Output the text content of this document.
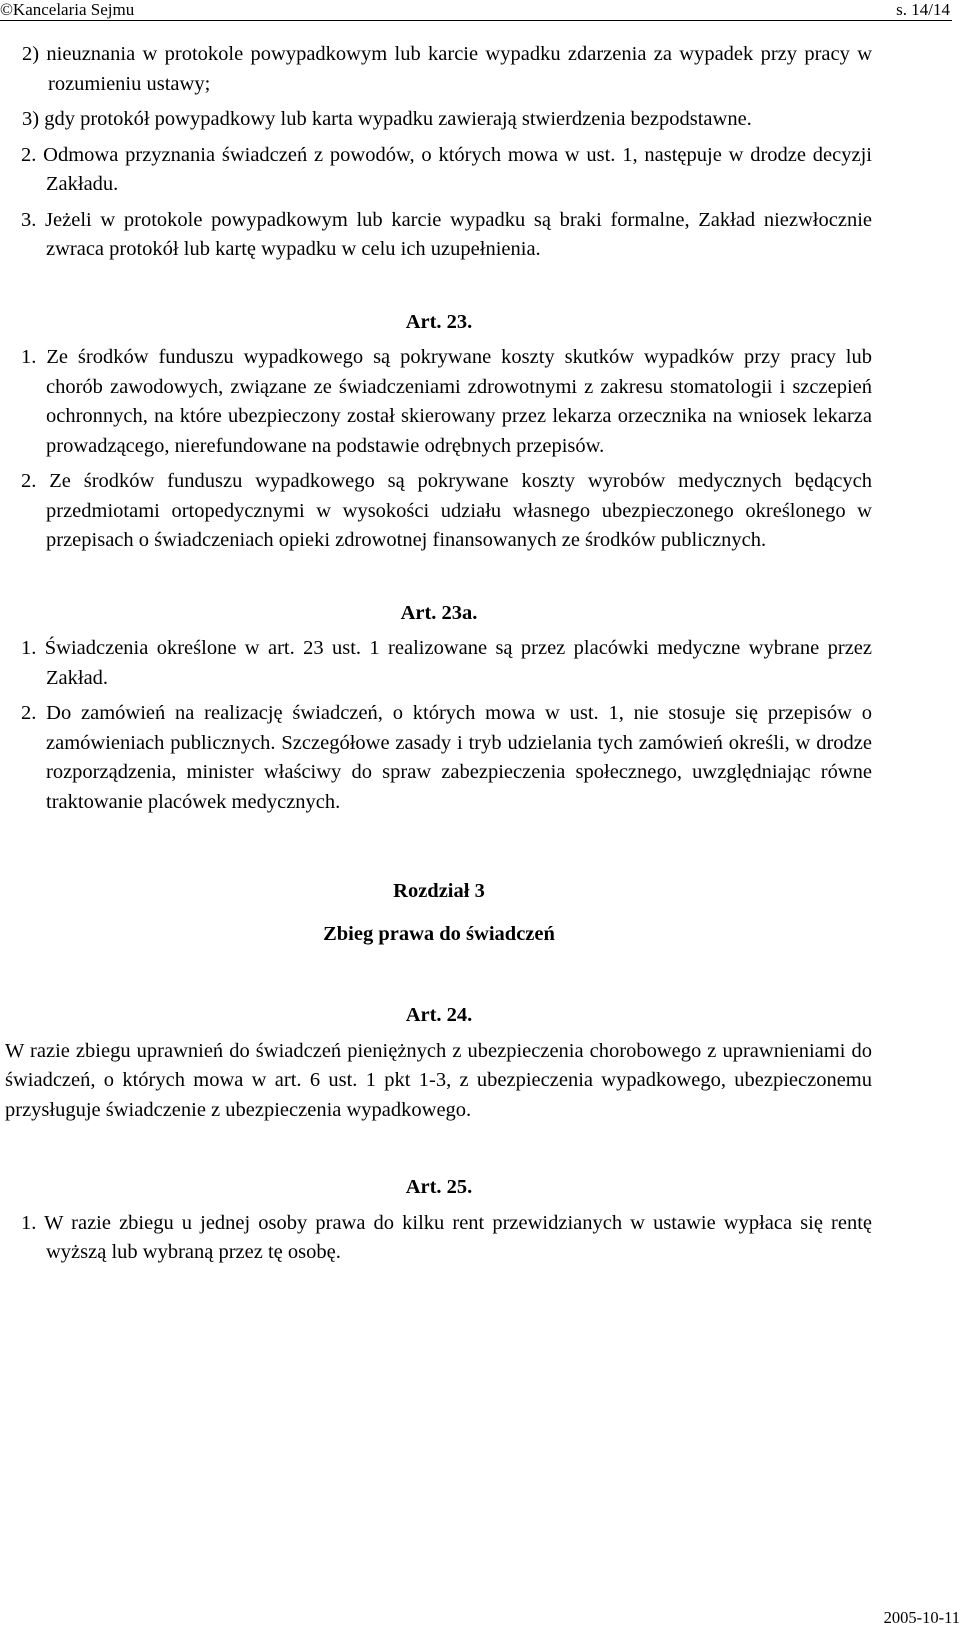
©Kancelaria Sejmu	s. 14/14

2) nieuznania w protokole powypadkowym lub karcie wypadku zdarzenia za wypadek przy pracy w rozumieniu ustawy;

3) gdy protokół powypadkowy lub karta wypadku zawierają stwierdzenia bezpodstawne.

2. Odmowa przyznania świadczeń z powodów, o których mowa w ust. 1, następuje w drodze decyzji Zakładu.

3. Jeżeli w protokole powypadkowym lub karcie wypadku są braki formalne, Zakład niezwłocznie zwraca protokół lub kartę wypadku w celu ich uzupełnienia.

Art. 23.

1. Ze środków funduszu wypadkowego są pokrywane koszty skutków wypadków przy pracy lub chorób zawodowych, związane ze świadczeniami zdrowotnymi z zakresu stomatologii i szczepień ochronnych, na które ubezpieczony został skierowany przez lekarza orzecznika na wniosek lekarza prowadzącego, nierefundowane na podstawie odrębnych przepisów.

2. Ze środków funduszu wypadkowego są pokrywane koszty wyrobów medycznych będących przedmiotami ortopedycznymi w wysokości udziału własnego ubezpieczonego określonego w przepisach o świadczeniach opieki zdrowotnej finansowanych ze środków publicznych.

Art. 23a.

1. Świadczenia określone w art. 23 ust. 1 realizowane są przez placówki medyczne wybrane przez Zakład.

2. Do zamówień na realizację świadczeń, o których mowa w ust. 1, nie stosuje się przepisów o zamówieniach publicznych. Szczegółowe zasady i tryb udzielania tych zamówień określi, w drodze rozporządzenia, minister właściwy do spraw zabezpieczenia społecznego, uwzględniając równe traktowanie placówek medycznych.

Rozdział 3

Zbieg prawa do świadczeń

Art. 24.

W razie zbiegu uprawnień do świadczeń pieniężnych z ubezpieczenia chorobowego z uprawnieniami do świadczeń, o których mowa w art. 6 ust. 1 pkt 1-3, z ubezpieczenia wypadkowego, ubezpieczonemu przysługuje świadczenie z ubezpieczenia wypadkowego.

Art. 25.

1. W razie zbiegu u jednej osoby prawa do kilku rent przewidzianych w ustawie wypłaca się rentę wyższą lub wybraną przez tę osobę.

2005-10-11
